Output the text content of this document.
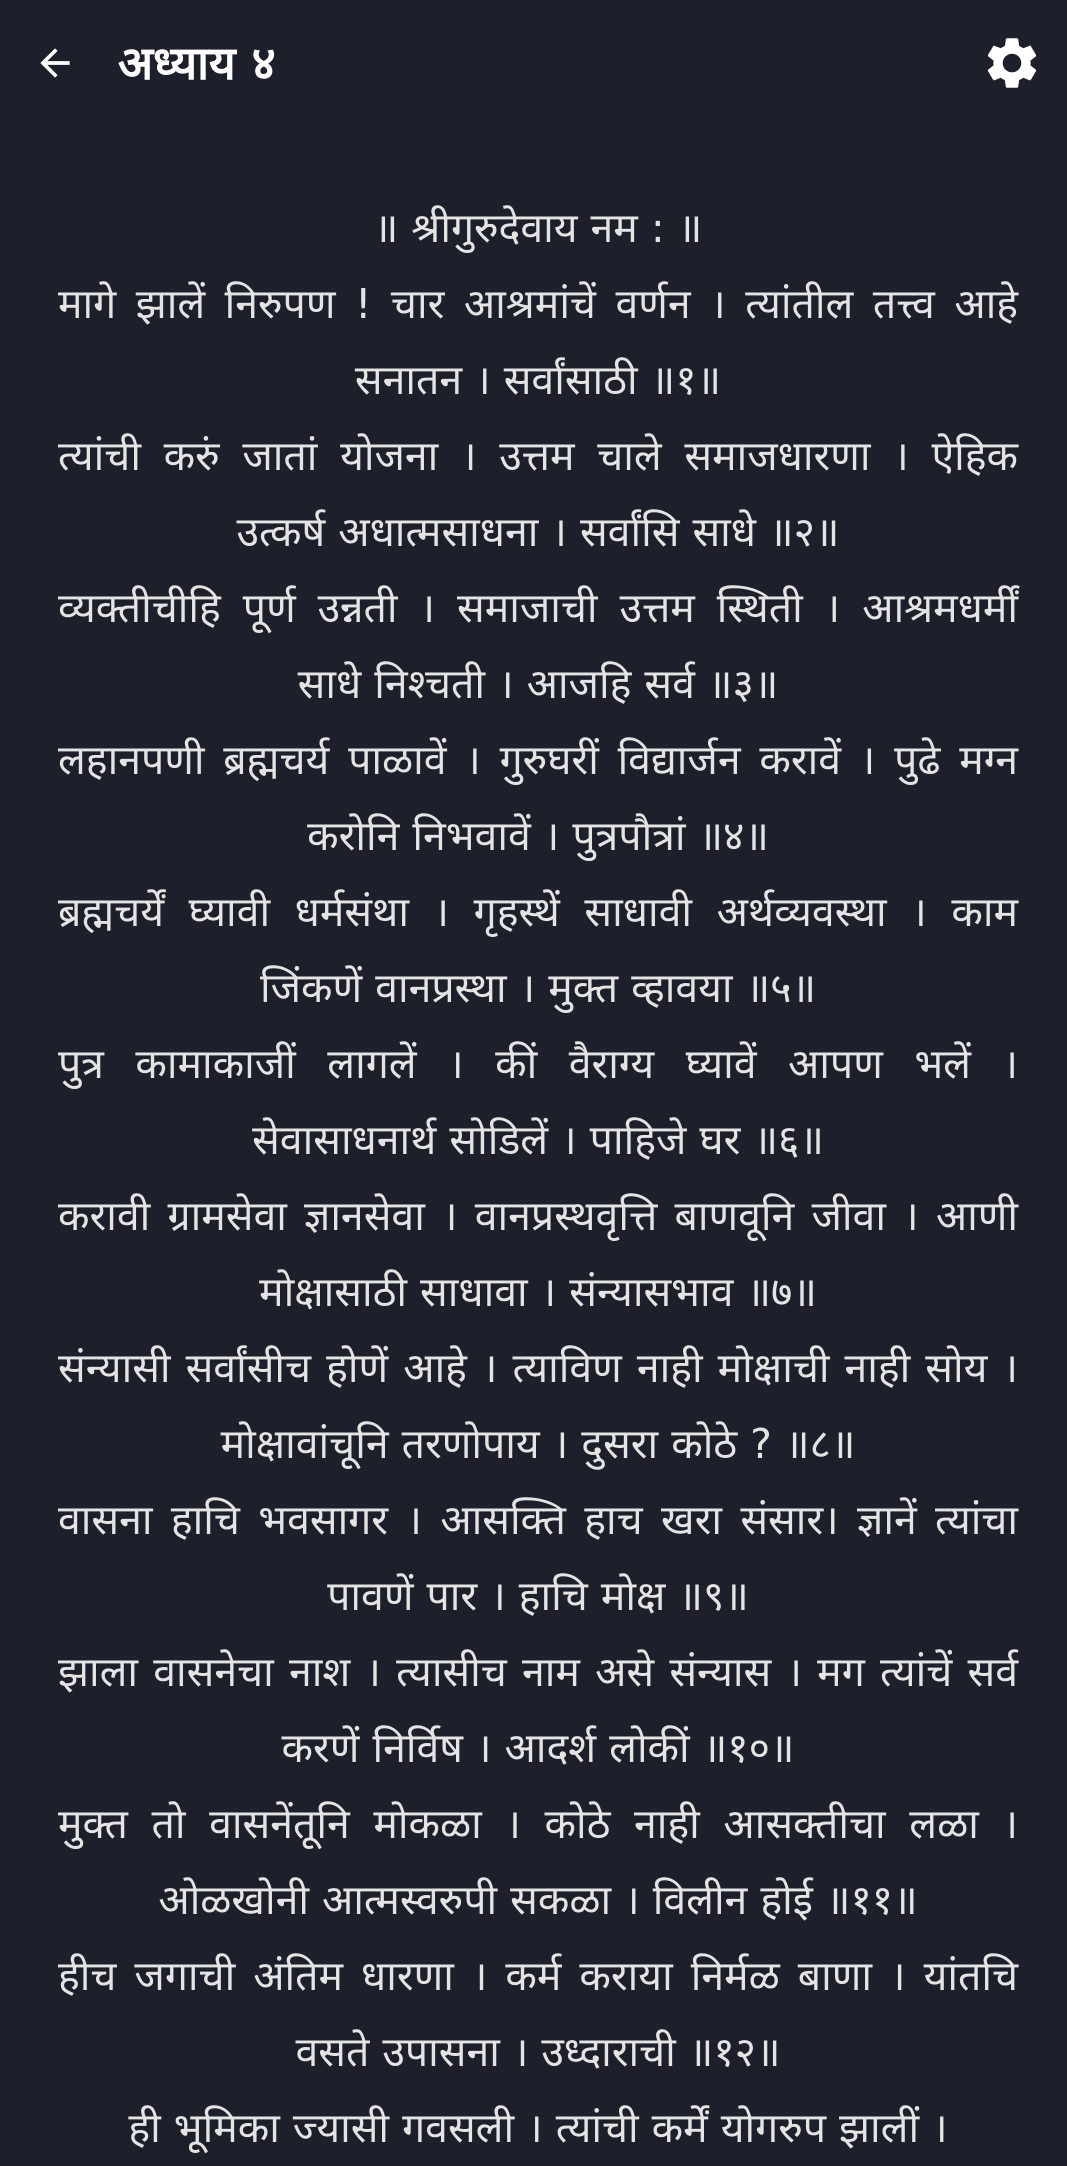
अध्याय ४

॥ श्रीगुरुदेवाय नम : ॥

मागे झालें निरुपण ! चार आश्रमांचें वर्णन । त्यांतील तत्त्व आहे सनातन । सर्वांसाठी ॥१॥

त्यांची करुं जातां योजना । उत्तम चाले समाजधारणा । ऐहिक उत्कर्ष अधात्मसाधना । सर्वांसि साधे ॥२॥

व्यक्तीचीहि पूर्ण उन्नती । समाजाची उत्तम स्थिती । आश्रमधर्मीं साधे निश्चती । आजहि सर्व ॥३॥

लहानपणी ब्रह्मचर्य पाळावें । गुरुघरीं विद्यार्जन करावें । पुढे मग्न करोनि निभवावें । पुत्रपौत्रां ॥४॥

ब्रह्मचर्यें घ्यावी धर्मसंथा । गृहस्थें साधावी अर्थव्यवस्था । काम जिंकणें वानप्रस्था । मुक्त व्हावया ॥५॥

पुत्र कामाकाजीं लागलें । कीं वैराग्य घ्यावें आपण भलें । सेवासाधनार्थ सोडिलें । पाहिजे घर ॥६॥

करावी ग्रामसेवा ज्ञानसेवा । वानप्रस्थवृत्ति बाणवूनि जीवा । आणी मोक्षासाठी साधावा । संन्यासभाव ॥७॥

संन्यासी सर्वांसीच होणें आहे । त्याविण नाही मोक्षाची नाही सोय । मोक्षावांचूनि तरणोपाय । दुसरा कोठे ? ॥८॥

वासना हाचि भवसागर । आसक्ति हाच खरा संसार। ज्ञानें त्यांचा पावणें पार । हाचि मोक्ष ॥९॥

झाला वासनेचा नाश । त्यासीच नाम असे संन्यास । मग त्यांचें सर्व करणें निर्विष । आदर्श लोकीं ॥१०॥

मुक्त तो वासनेंतूनि मोकळा । कोठे नाही आसक्तीचा लळा । ओळखोनी आत्मस्वरुपी सकळा । विलीन होई ॥११॥

हीच जगाची अंतिम धारणा । कर्म कराया निर्मळ बाणा । यांतचि वसते उपासना । उध्दाराची ॥१२॥

ही भूमिका ज्यासी गवसली । त्यांची कर्में योगरुप झालीं ।
